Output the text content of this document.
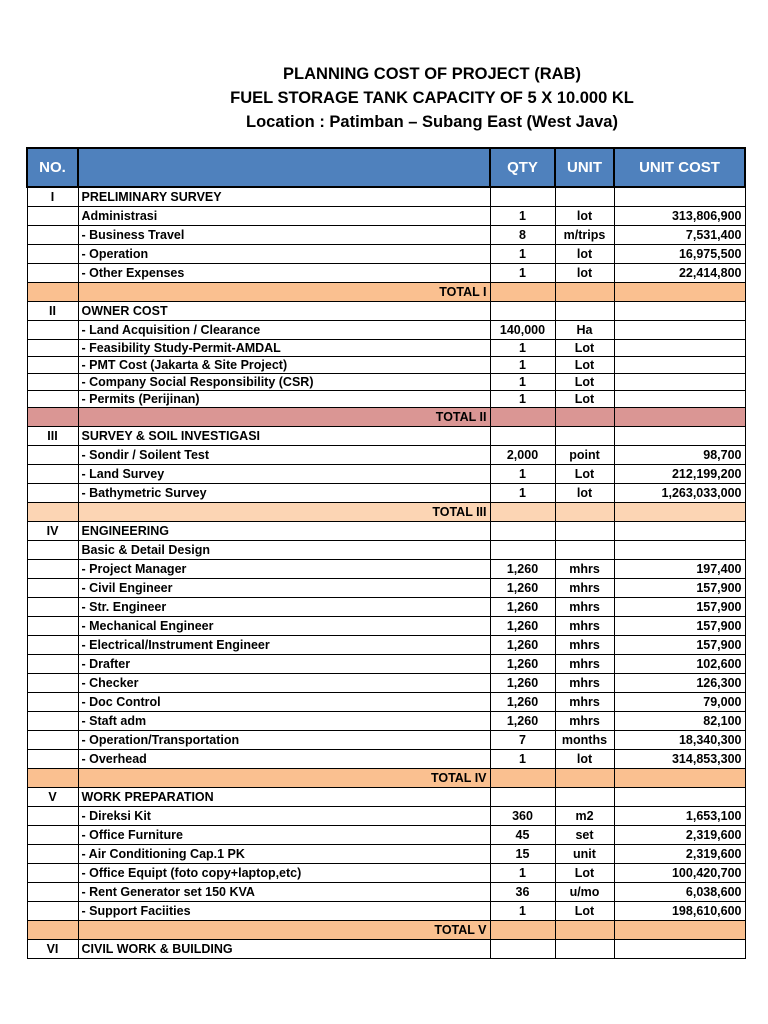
PLANNING COST OF PROJECT (RAB)
FUEL STORAGE TANK CAPACITY OF 5 X 10.000 KL
Location : Patimban – Subang East (West Java)
NO.		QTY	UNIT	UNIT COST
I	PRELIMINARY SURVEY			
	Administrasi	1	lot	313,806,900
	- Business Travel	8	m/trips	7,531,400
	- Operation	1	lot	16,975,500
	- Other Expenses	1	lot	22,414,800
	TOTAL I			
II	OWNER COST			
	- Land Acquisition / Clearance	140,000	Ha	
	- Feasibility Study-Permit-AMDAL	1	Lot	
	- PMT Cost (Jakarta & Site Project)	1	Lot	
	- Company Social Responsibility (CSR)	1	Lot	
	- Permits (Perijinan)	1	Lot	
	TOTAL II			
III	SURVEY & SOIL INVESTIGASI			
	- Sondir / Soilent Test	2,000	point	98,700
	- Land Survey	1	Lot	212,199,200
	- Bathymetric Survey	1	lot	1,263,033,000
	TOTAL III			
IV	ENGINEERING			
	Basic & Detail Design			
	- Project Manager	1,260	mhrs	197,400
	- Civil Engineer	1,260	mhrs	157,900
	- Str. Engineer	1,260	mhrs	157,900
	- Mechanical Engineer	1,260	mhrs	157,900
	- Electrical/Instrument Engineer	1,260	mhrs	157,900
	- Drafter	1,260	mhrs	102,600
	- Checker	1,260	mhrs	126,300
	- Doc Control	1,260	mhrs	79,000
	- Staft adm	1,260	mhrs	82,100
	- Operation/Transportation	7	months	18,340,300
	- Overhead	1	lot	314,853,300
	TOTAL IV			
V	WORK PREPARATION			
	- Direksi Kit	360	m2	1,653,100
	- Office Furniture	45	set	2,319,600
	- Air Conditioning Cap.1 PK	15	unit	2,319,600
	- Office Equipt (foto copy+laptop,etc)	1	Lot	100,420,700
	- Rent Generator set 150 KVA	36	u/mo	6,038,600
	- Support Faciities	1	Lot	198,610,600
	TOTAL V			
VI	CIVIL WORK & BUILDING			
